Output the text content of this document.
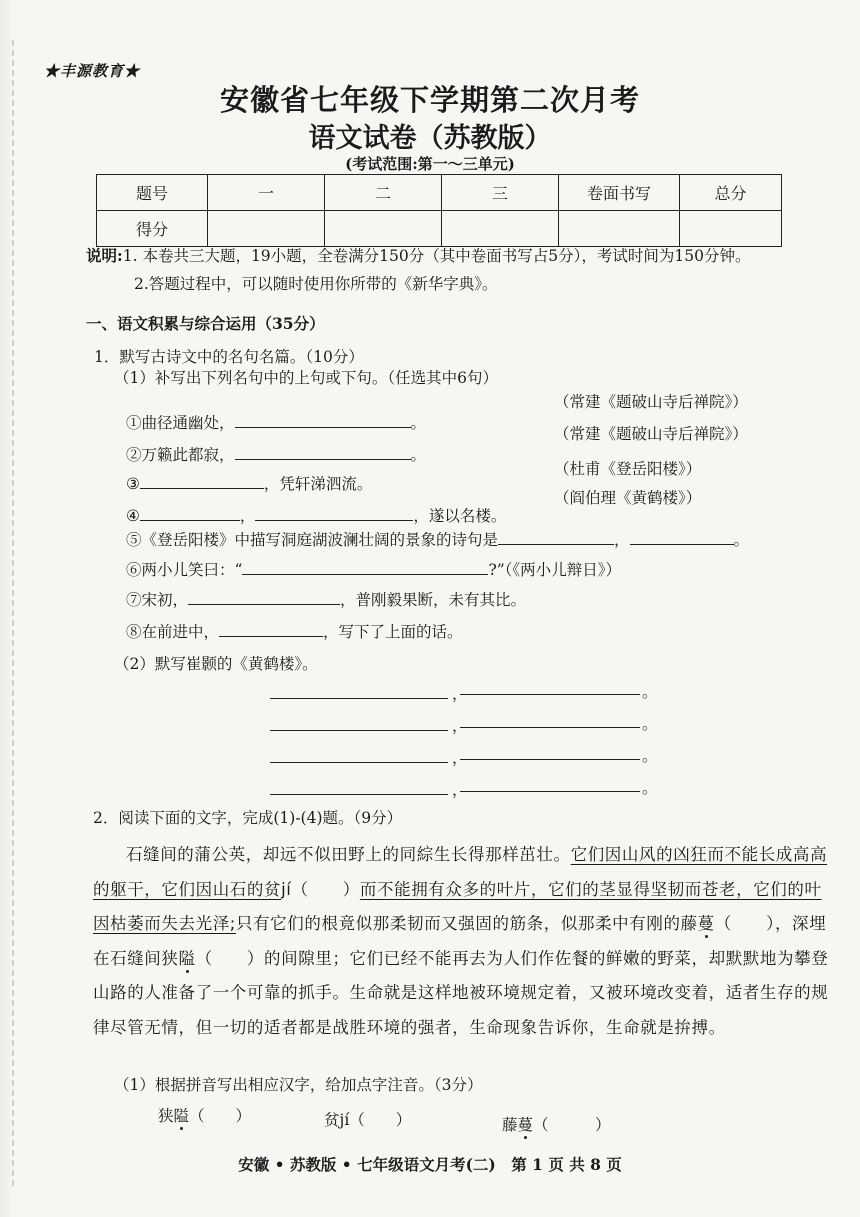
★丰源教育★
安徽省七年级下学期第二次月考
语文试卷（苏教版）
(考试范围:第一～三单元)
题号	一	二	三	卷面书写	总分
得分					
说明:1. 本卷共三大题，19小题，全卷满分150分（其中卷面书写占5分），考试时间为150分钟。
2.答题过程中，可以随时使用你所带的《新华字典》。
一、语文积累与综合运用（35分）
1．默写古诗文中的名句名篇。（10分）
（1）补写出下列名句中的上句或下句。（任选其中6句）
①曲径通幽处，	。
（常建《题破山寺后禅院》）
②万籁此都寂，	。
（常建《题破山寺后禅院》）
③	，凭轩涕泗流。
（杜甫《登岳阳楼》）
④	，	，遂以名楼。
（阎伯理《黄鹤楼》）
⑤《登岳阳楼》中描写洞庭湖波澜壮阔的景象的诗句是	，	。
⑥两小儿笑曰：“	?”（《两小儿辩日》）
⑦宋初，	，普刚毅果断，未有其比。
⑧在前进中，	，写下了上面的话。
（2）默写崔颢的《黄鹤楼》。
，	。
，	。
，	。
，	。
2．阅读下面的文字，完成(1)-(4)题。（9分）
石缝间的蒲公英，却远不似田野上的同綜生长得那样茁壮。它们因山风的凶狂而不能长成高高的躯干，它们因山石的贫jí（　　）而不能拥有众多的叶片，它们的茎显得坚韧而苍老，它们的叶因枯萎而失去光泽;只有它们的根竟似那柔韧而又强固的筋条，似那柔中有刚的藤蔓（　　），深埋在石缝间狭隘（　　）的间隙里；它们已经不能再去为人们作佐餐的鲜嫩的野菜，却默默地为攀登山路的人准备了一个可靠的抓手。生命就是这样地被环境规定着，又被环境改变着，适者生存的规律尽管无情，但一切的适者都是战胜环境的强者，生命现象告诉你，生命就是拚搏。
（1）根据拼音写出相应汉字，给加点字注音。（3分）
狭隘（　　）	贫jí（　　）	藤蔓（　　　）
安徽 • 苏教版 • 七年级语文月考(二)　第 1 页 共 8 页
